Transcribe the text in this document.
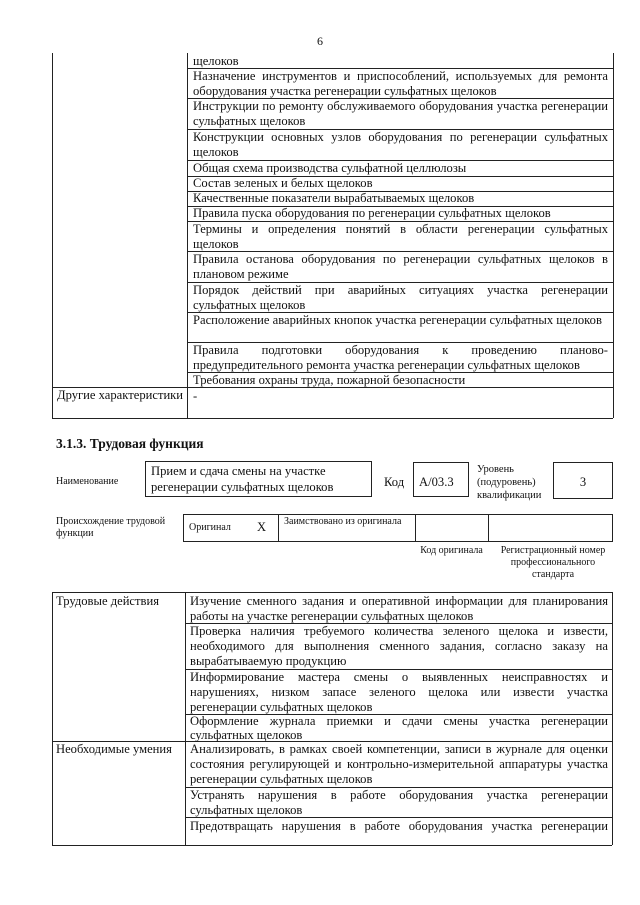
6
щелоков
Назначение инструментов и приспособлений, используемых для ремонта оборудования участка регенерации сульфатных щелоков
Инструкции по ремонту обслуживаемого оборудования участка регенерации сульфатных щелоков
Конструкции основных узлов оборудования по регенерации сульфатных щелоков
Общая схема производства сульфатной целлюлозы
Состав зеленых и белых щелоков
Качественные показатели вырабатываемых щелоков
Правила пуска оборудования по регенерации сульфатных щелоков
Термины и определения понятий в области регенерации сульфатных щелоков
Правила останова оборудования по регенерации сульфатных щелоков в плановом режиме
Порядок действий при аварийных ситуациях участка регенерации сульфатных щелоков
Расположение аварийных кнопок участка регенерации сульфатных щелоков
Правила подготовки оборудования к проведению планово-предупредительного ремонта участка регенерации сульфатных щелоков
Требования охраны труда, пожарной безопасности
Другие характеристики -
3.1.3. Трудовая функция
Наименование
Прием и сдача смены на участке регенерации сульфатных щелоков	Код А/03.3
Уровень (подуровень) квалификации
3
Происхождение трудовой функции
Оригинал X Заимствовано из оригинала
Код оригинала	Регистрационный номер профессионального стандарта
Трудовые действия	Изучение сменного задания и оперативной информации для планирования работы на участке регенерации сульфатных щелоков
Проверка наличия требуемого количества зеленого щелока и извести, необходимого для выполнения сменного задания, согласно заказу на вырабатываемую продукцию
Информирование мастера смены о выявленных неисправностях и нарушениях, низком запасе зеленого щелока или извести участка регенерации сульфатных щелоков
Оформление журнала приемки и сдачи смены участка регенерации сульфатных щелоков
Необходимые умения	Анализировать, в рамках своей компетенции, записи в журнале для оценки состояния регулирующей и контрольно-измерительной аппаратуры участка регенерации сульфатных щелоков
Устранять нарушения в работе оборудования участка регенерации сульфатных щелоков
Предотвращать нарушения в работе оборудования участка регенерации
